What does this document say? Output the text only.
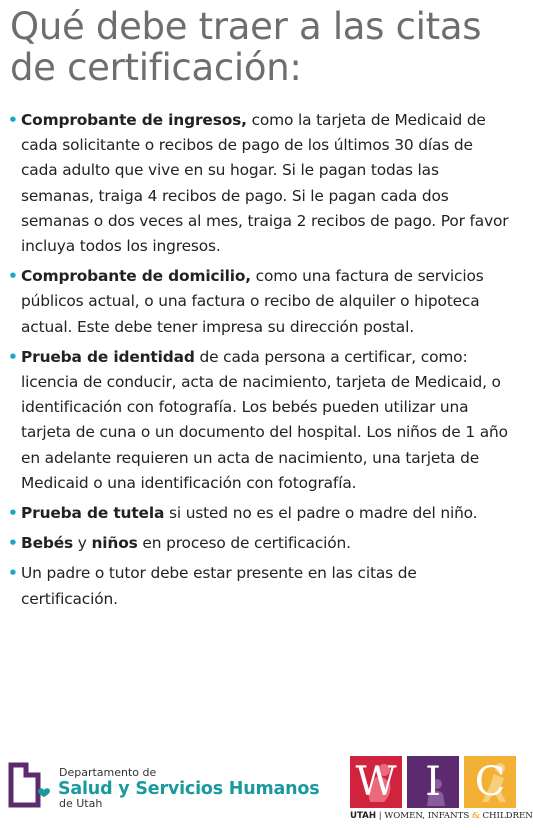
Qué debe traer a las citas de certificación:
• Comprobante de ingresos, como la tarjeta de Medicaid de cada solicitante o recibos de pago de los últimos 30 días de cada adulto que vive en su hogar. Si le pagan todas las semanas, traiga 4 recibos de pago. Si le pagan cada dos semanas o dos veces al mes, traiga 2 recibos de pago. Por favor incluya todos los ingresos.
• Comprobante de domicilio, como una factura de servicios públicos actual, o una factura o recibo de alquiler o hipoteca actual. Este debe tener impresa su dirección postal.
• Prueba de identidad de cada persona a certificar, como: licencia de conducir, acta de nacimiento, tarjeta de Medicaid, o identificación con fotografía. Los bebés pueden utilizar una tarjeta de cuna o un documento del hospital. Los niños de 1 año en adelante requieren un acta de nacimiento, una tarjeta de Medicaid o una identificación con fotografía.
• Prueba de tutela si usted no es el padre o madre del niño.
• Bebés y niños en proceso de certificación.
• Un padre o tutor debe estar presente en las citas de certificación.
Departamento de
Salud y Servicios Humanos
de Utah	W I C
UTAH | WOMEN, INFANTS & CHILDREN
